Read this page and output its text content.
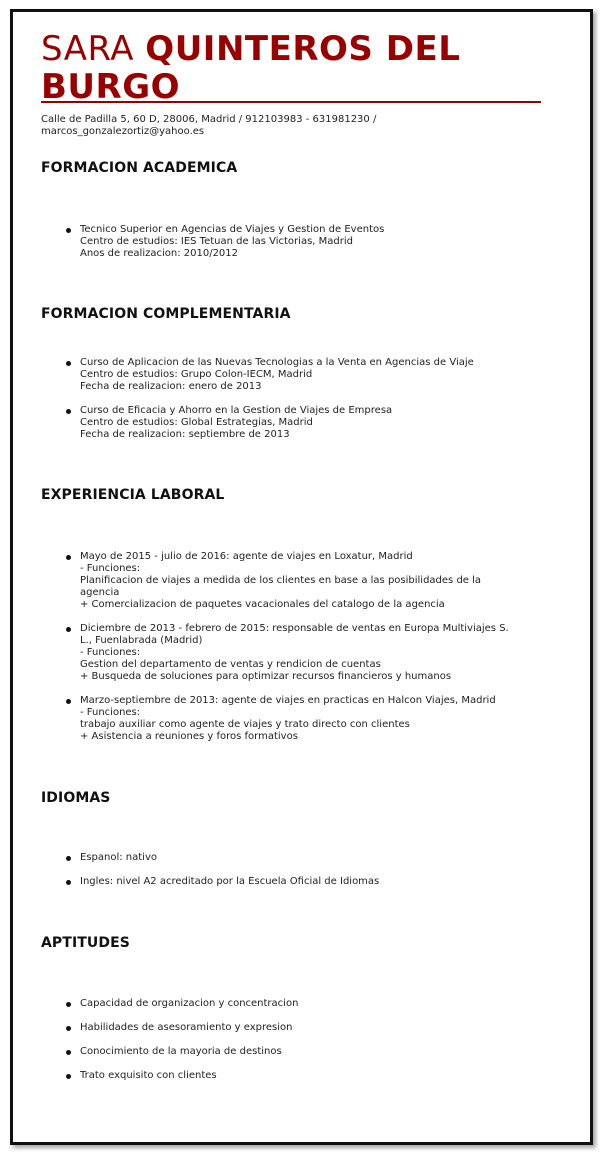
SARA QUINTEROS DEL BURGO
Calle de Padilla 5, 60 D, 28006, Madrid / 912103983 - 631981230 /
marcos_gonzalezortiz@yahoo.es
FORMACION ACADEMICA
Tecnico Superior en Agencias de Viajes y Gestion de Eventos
Centro de estudios: IES Tetuan de las Victorias, Madrid
Anos de realizacion: 2010/2012
FORMACION COMPLEMENTARIA
Curso de Aplicacion de las Nuevas Tecnologias a la Venta en Agencias de Viaje
Centro de estudios: Grupo Colon-IECM, Madrid
Fecha de realizacion: enero de 2013
Curso de Eficacia y Ahorro en la Gestion de Viajes de Empresa
Centro de estudios: Global Estrategias, Madrid
Fecha de realizacion: septiembre de 2013
EXPERIENCIA LABORAL
Mayo de 2015 - julio de 2016: agente de viajes en Loxatur, Madrid
- Funciones:
Planificacion de viajes a medida de los clientes en base a las posibilidades de la
agencia
+ Comercializacion de paquetes vacacionales del catalogo de la agencia
Diciembre de 2013 - febrero de 2015: responsable de ventas en Europa Multiviajes S.
L., Fuenlabrada (Madrid)
- Funciones:
Gestion del departamento de ventas y rendicion de cuentas
+ Busqueda de soluciones para optimizar recursos financieros y humanos
Marzo-septiembre de 2013: agente de viajes en practicas en Halcon Viajes, Madrid
- Funciones:
trabajo auxiliar como agente de viajes y trato directo con clientes
+ Asistencia a reuniones y foros formativos
IDIOMAS
Espanol: nativo
Ingles: nivel A2 acreditado por la Escuela Oficial de Idiomas
APTITUDES
Capacidad de organizacion y concentracion
Habilidades de asesoramiento y expresion
Conocimiento de la mayoria de destinos
Trato exquisito con clientes
